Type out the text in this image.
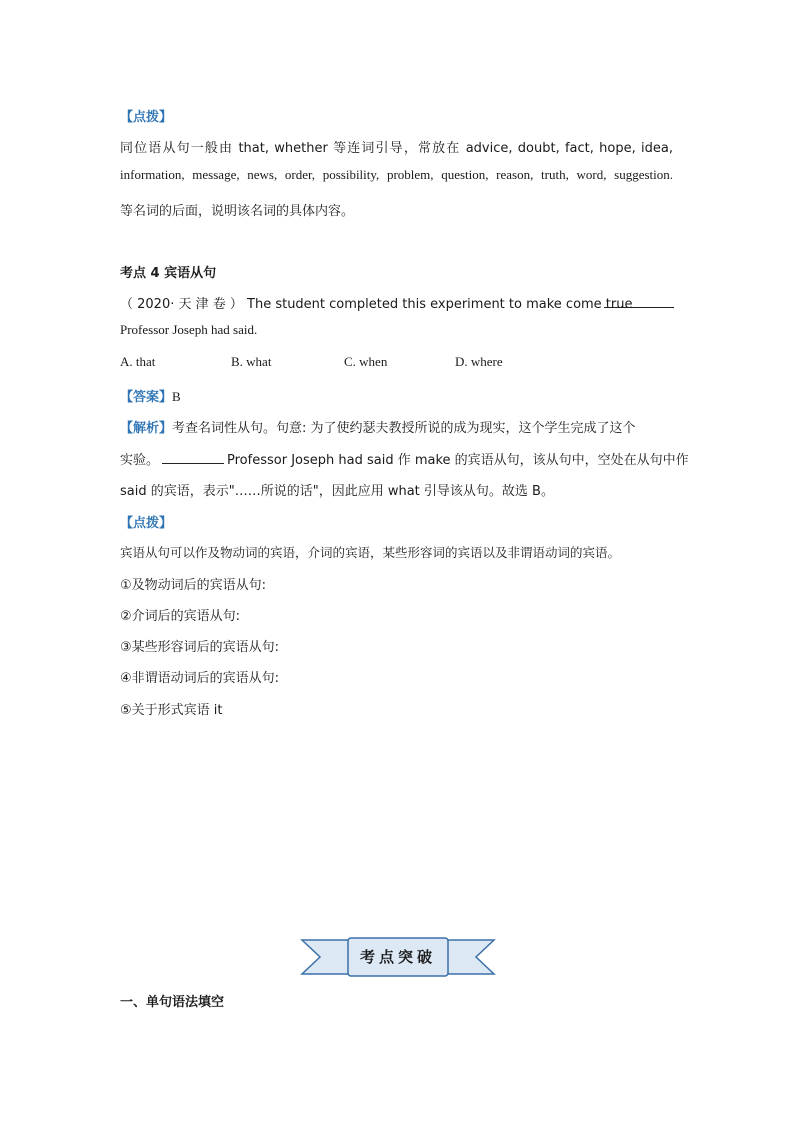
【点拨】
同位语从句一般由 that, whether 等连词引导，常放在 advice, doubt, fact, hope, idea,
information, message, news, order, possibility, problem, question, reason, truth, word, suggestion.
等名词的后面，说明该名词的具体内容。
考点 4 宾语从句
（ 2020· 天 津 卷 ） The student completed this experiment to make come true
Professor Joseph had said.
A. that	B. what	C. when	D. where
【答案】B
【解析】考查名词性从句。句意: 为了使约瑟夫教授所说的成为现实，这个学生完成了这个
实验。	Professor Joseph had said 作 make 的宾语从句，该从句中，空处在从句中作
said 的宾语，表示"……所说的话"，因此应用 what 引导该从句。故选 B。
【点拨】
宾语从句可以作及物动词的宾语，介词的宾语，某些形容词的宾语以及非谓语动词的宾语。
①及物动词后的宾语从句:
②介词后的宾语从句:
③某些形容词后的宾语从句:
④非谓语动词后的宾语从句:
⑤关于形式宾语 it
考点突破
一、单句语法填空
